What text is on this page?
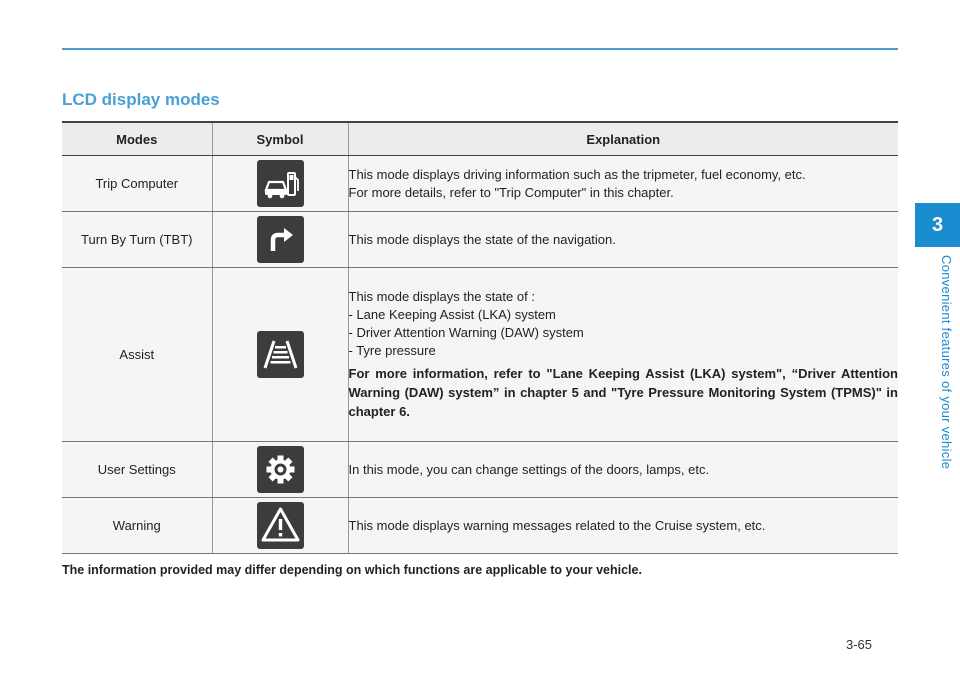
LCD display modes
Modes	Symbol	Explanation
Trip Computer		This mode displays driving information such as the tripmeter, fuel economy, etc.
For more details, refer to "Trip Computer" in this chapter.

Turn By Turn (TBT)		This mode displays the state of the navigation.

Assist		This mode displays the state of :
- Lane Keeping Assist (LKA) system
- Driver Attention Warning (DAW) system
- Tyre pressure
For more information, refer to "Lane Keeping Assist (LKA) system", “Driver Attention Warning (DAW) system” in chapter 5 and "Tyre Pressure Monitoring System (TPMS)" in chapter 6.

User Settings		In this mode, you can change settings of the doors, lamps, etc.

Warning		This mode displays warning messages related to the Cruise system, etc.

The information provided may differ depending on which functions are applicable to your vehicle.

3
Convenient features of your vehicle
3-65
